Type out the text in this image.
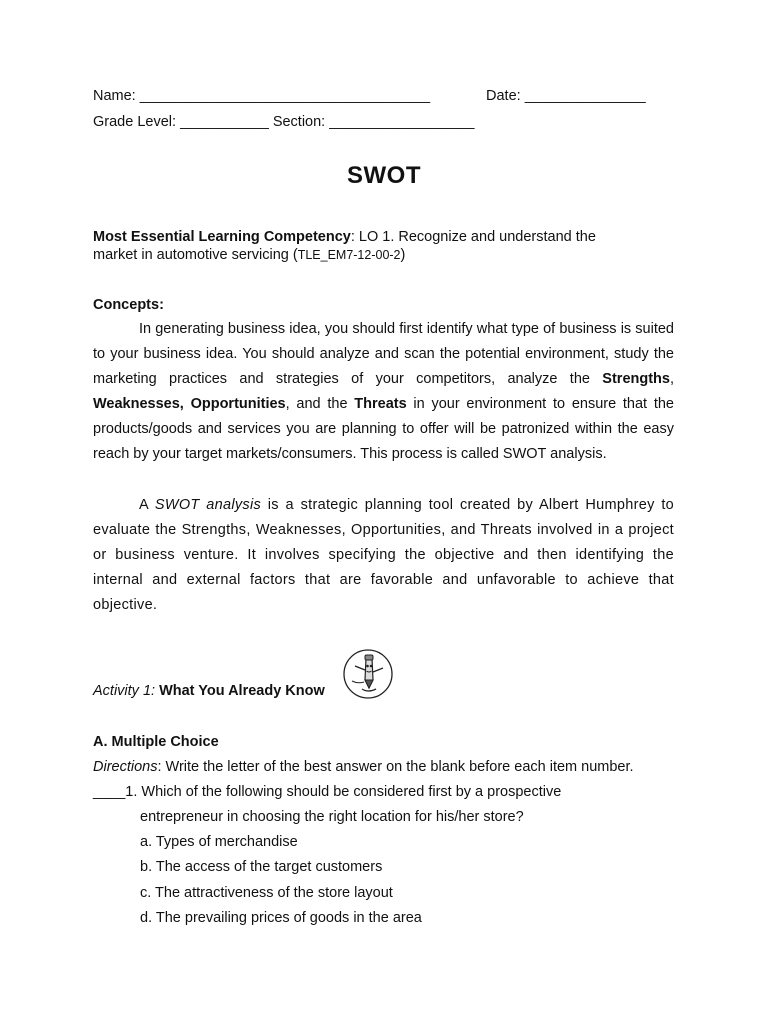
Name: ____________________________________	Date: _______________
Grade Level: ___________ Section: __________________
SWOT
Most Essential Learning Competency: LO 1. Recognize and understand the
market in automotive servicing (TLE_EM7-12-00-2)
Concepts:
In generating business idea, you should first identify what type of business is suited to your business idea. You should analyze and scan the potential environment, study the marketing practices and strategies of your competitors, analyze the Strengths, Weaknesses, Opportunities, and the Threats in your environment to ensure that the products/goods and services you are planning to offer will be patronized within the easy reach by your target markets/consumers. This process is called SWOT analysis.
A SWOT analysis is a strategic planning tool created by Albert Humphrey to evaluate the Strengths, Weaknesses, Opportunities, and Threats involved in a project or business venture. It involves specifying the objective and then identifying the internal and external factors that are favorable and unfavorable to achieve that objective.
Activity 1: What You Already Know
A. Multiple Choice
Directions: Write the letter of the best answer on the blank before each item number.
____1. Which of the following should be considered first by a prospective
entrepreneur in choosing the right location for his/her store?
a. Types of merchandise
b. The access of the target customers
c. The attractiveness of the store layout
d. The prevailing prices of goods in the area
